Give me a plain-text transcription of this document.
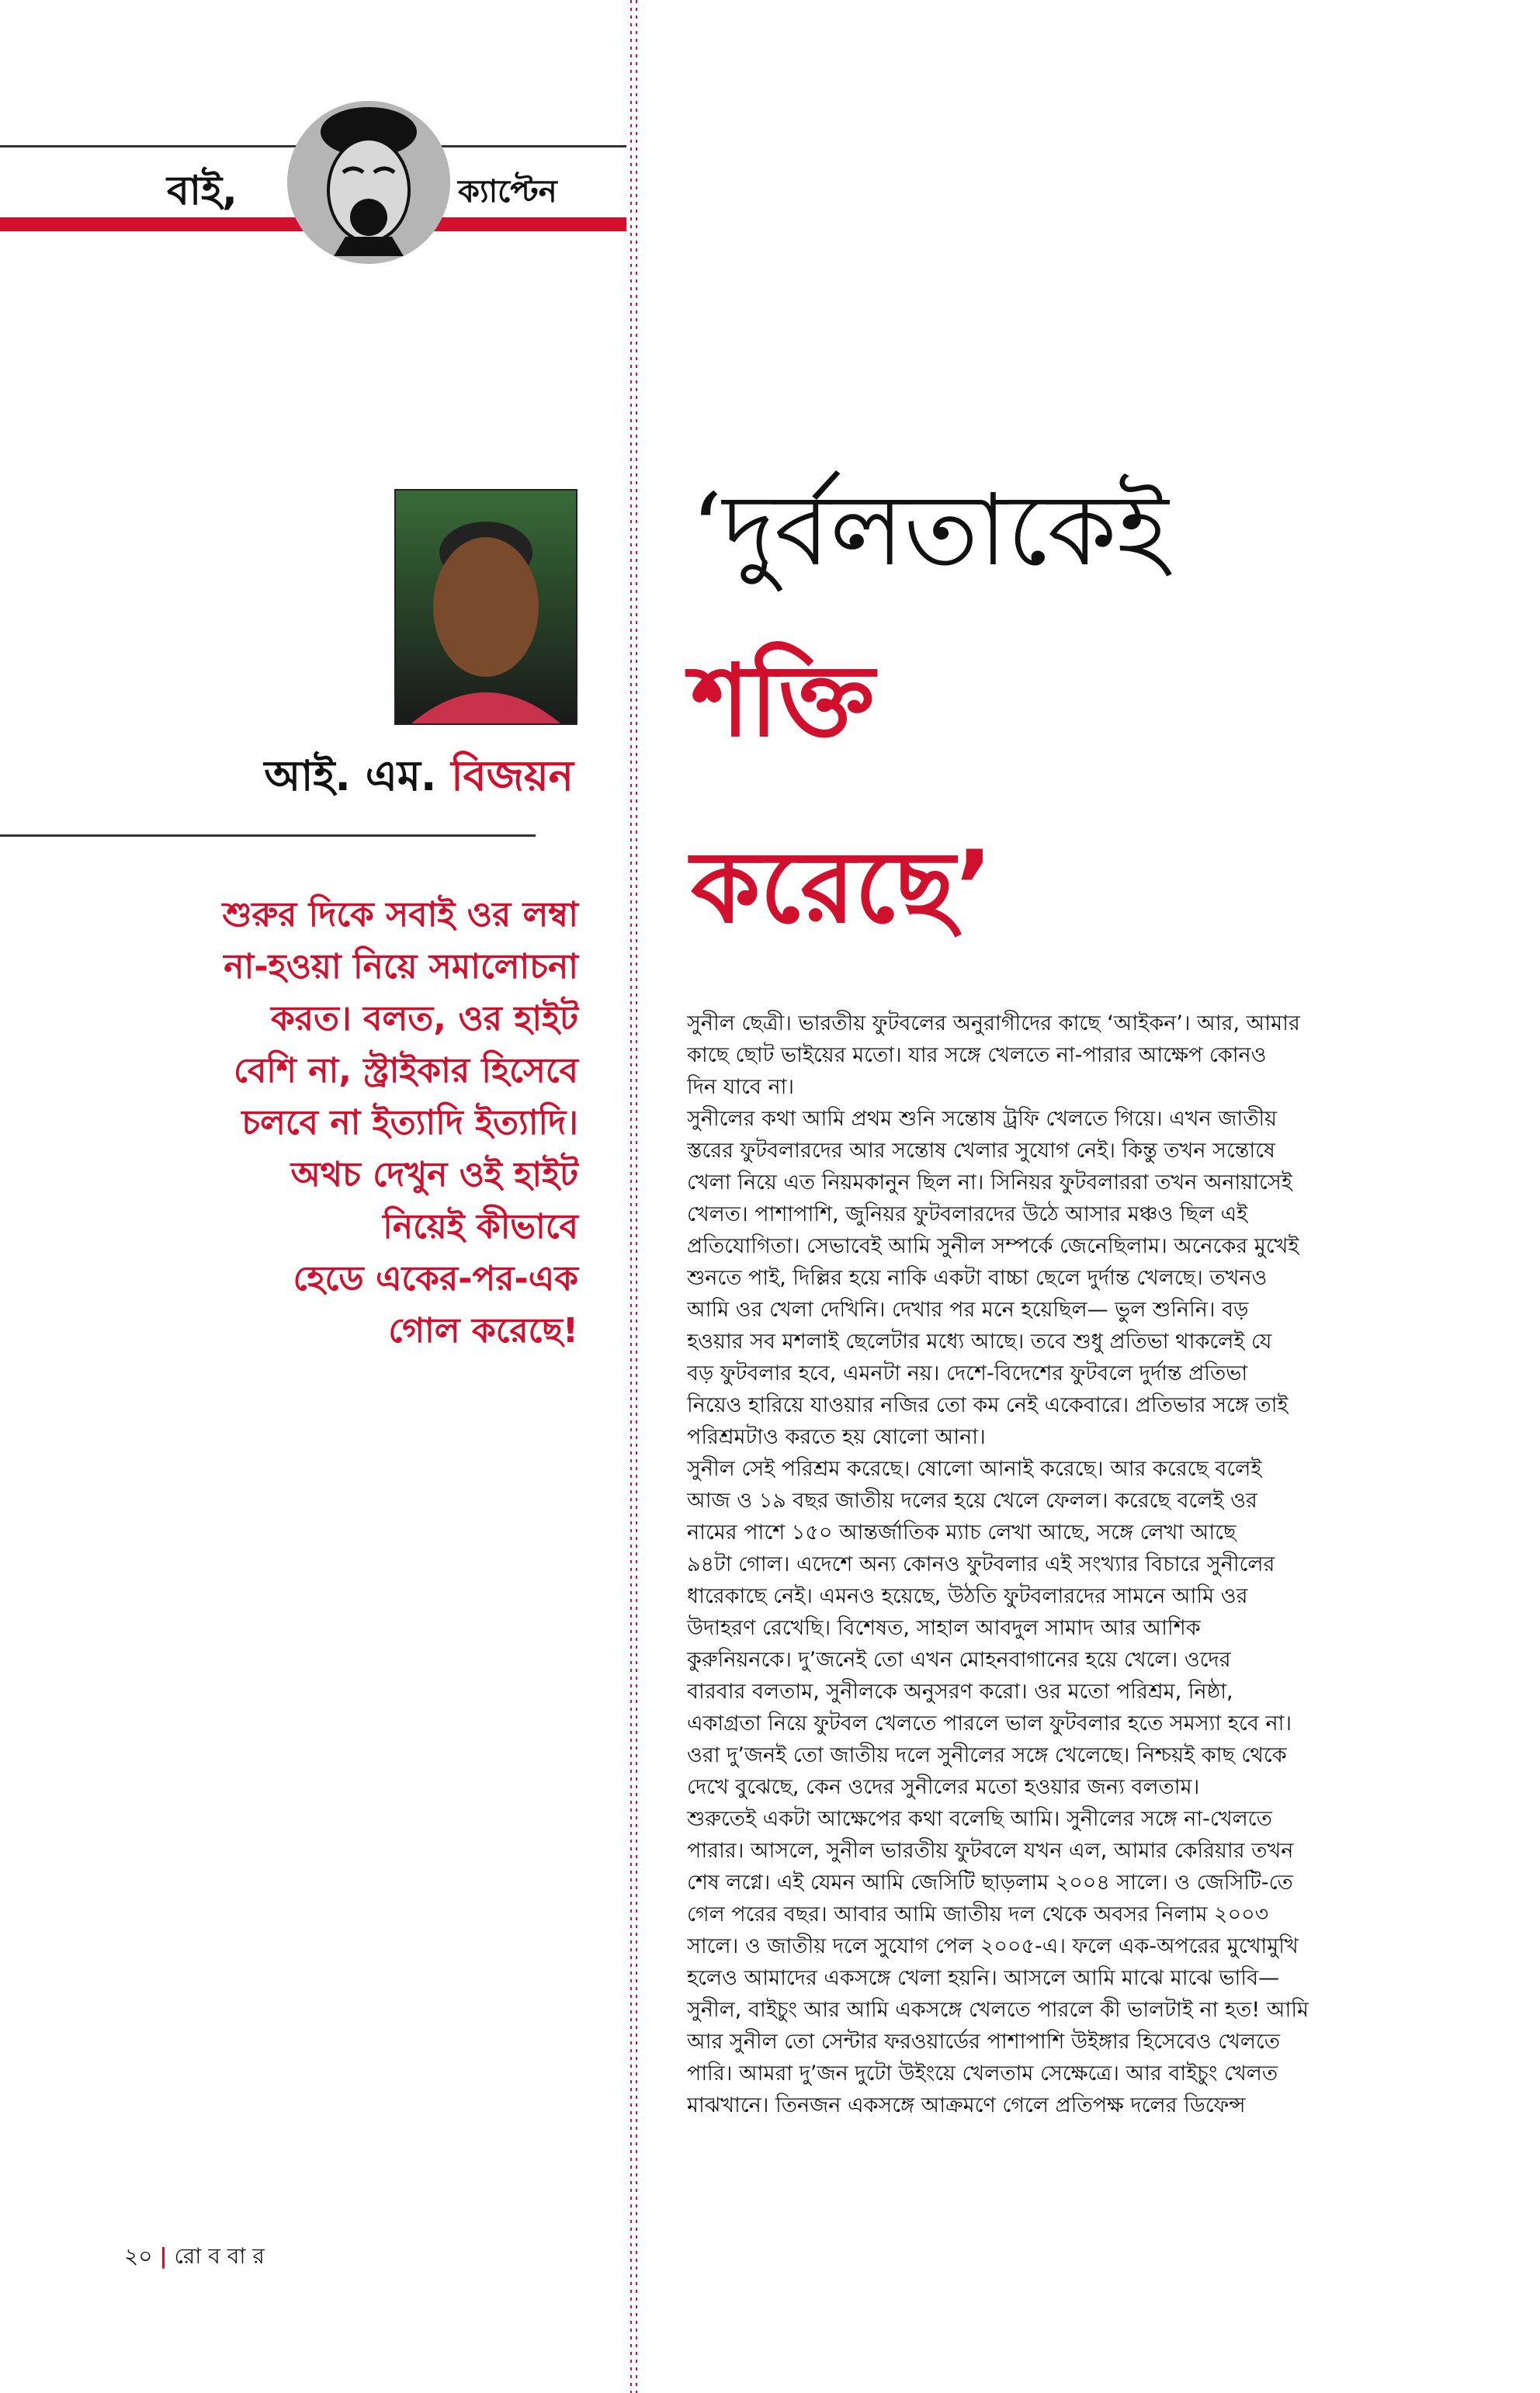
বাই,	ক্যাপ্টেন
আই. এম. বিজয়ন
শুরুর দিকে সবাই ওর লম্বা
না-হওয়া নিয়ে সমালোচনা
করত। বলত, ওর হাইট
বেশি না, স্ট্রাইকার হিসেবে
চলবে না ইত্যাদি ইত্যাদি।
অথচ দেখুন ওই হাইট
নিয়েই কীভাবে
হেডে একের-পর-এক
গোল করেছে!
‘দুর্বলতাকেই
শক্তি
করেছে’
সুনীল ছেত্রী। ভারতীয় ফুটবলের অনুরাগীদের কাছে ‘আইকন’। আর, আমার
কাছে ছোট ভাইয়ের মতো। যার সঙ্গে খেলতে না-পারার আক্ষেপ কোনও
দিন যাবে না।
সুনীলের কথা আমি প্রথম শুনি সন্তোষ ট্রফি খেলতে গিয়ে। এখন জাতীয়
স্তরের ফুটবলারদের আর সন্তোষ খেলার সুযোগ নেই। কিন্তু তখন সন্তোষে
খেলা নিয়ে এত নিয়মকানুন ছিল না। সিনিয়র ফুটবলাররা তখন অনায়াসেই
খেলত। পাশাপাশি, জুনিয়র ফুটবলারদের উঠে আসার মঞ্চও ছিল এই
প্রতিযোগিতা। সেভাবেই আমি সুনীল সম্পর্কে জেনেছিলাম। অনেকের মুখেই
শুনতে পাই, দিল্লির হয়ে নাকি একটা বাচ্চা ছেলে দুর্দান্ত খেলছে। তখনও
আমি ওর খেলা দেখিনি। দেখার পর মনে হয়েছিল— ভুল শুনিনি। বড়
হওয়ার সব মশলাই ছেলেটার মধ্যে আছে। তবে শুধু প্রতিভা থাকলেই যে
বড় ফুটবলার হবে, এমনটা নয়। দেশে-বিদেশের ফুটবলে দুর্দান্ত প্রতিভা
নিয়েও হারিয়ে যাওয়ার নজির তো কম নেই একেবারে। প্রতিভার সঙ্গে তাই
পরিশ্রমটাও করতে হয় ষোলো আনা।
সুনীল সেই পরিশ্রম করেছে। ষোলো আনাই করেছে। আর করেছে বলেই
আজ ও ১৯ বছর জাতীয় দলের হয়ে খেলে ফেলল। করেছে বলেই ওর
নামের পাশে ১৫০ আন্তর্জাতিক ম্যাচ লেখা আছে, সঙ্গে লেখা আছে
৯৪টা গোল। এদেশে অন্য কোনও ফুটবলার এই সংখ্যার বিচারে সুনীলের
ধারেকাছে নেই। এমনও হয়েছে, উঠতি ফুটবলারদের সামনে আমি ওর
উদাহরণ রেখেছি। বিশেষত, সাহাল আবদুল সামাদ আর আশিক
কুরুনিয়নকে। দু’জনেই তো এখন মোহনবাগানের হয়ে খেলে। ওদের
বারবার বলতাম, সুনীলকে অনুসরণ করো। ওর মতো পরিশ্রম, নিষ্ঠা,
একাগ্রতা নিয়ে ফুটবল খেলতে পারলে ভাল ফুটবলার হতে সমস্যা হবে না।
ওরা দু’জনই তো জাতীয় দলে সুনীলের সঙ্গে খেলেছে। নিশ্চয়ই কাছ থেকে
দেখে বুঝেছে, কেন ওদের সুনীলের মতো হওয়ার জন্য বলতাম।
শুরুতেই একটা আক্ষেপের কথা বলেছি আমি। সুনীলের সঙ্গে না-খেলতে
পারার। আসলে, সুনীল ভারতীয় ফুটবলে যখন এল, আমার কেরিয়ার তখন
শেষ লগ্নে। এই যেমন আমি জেসিটি ছাড়লাম ২০০৪ সালে। ও জেসিটি-তে
গেল পরের বছর। আবার আমি জাতীয় দল থেকে অবসর নিলাম ২০০৩
সালে। ও জাতীয় দলে সুযোগ পেল ২০০৫-এ। ফলে এক-অপরের মুখোমুখি
হলেও আমাদের একসঙ্গে খেলা হয়নি। আসলে আমি মাঝে মাঝে ভাবি—
সুনীল, বাইচুং আর আমি একসঙ্গে খেলতে পারলে কী ভালটাই না হত! আমি
আর সুনীল তো সেন্টার ফরওয়ার্ডের পাশাপাশি উইঙ্গার হিসেবেও খেলতে
পারি। আমরা দু’জন দুটো উইংয়ে খেলতাম সেক্ষেত্রে। আর বাইচুং খেলত
মাঝখানে। তিনজন একসঙ্গে আক্রমণে গেলে প্রতিপক্ষ দলের ডিফেন্স
২০ | রো ব বা র
